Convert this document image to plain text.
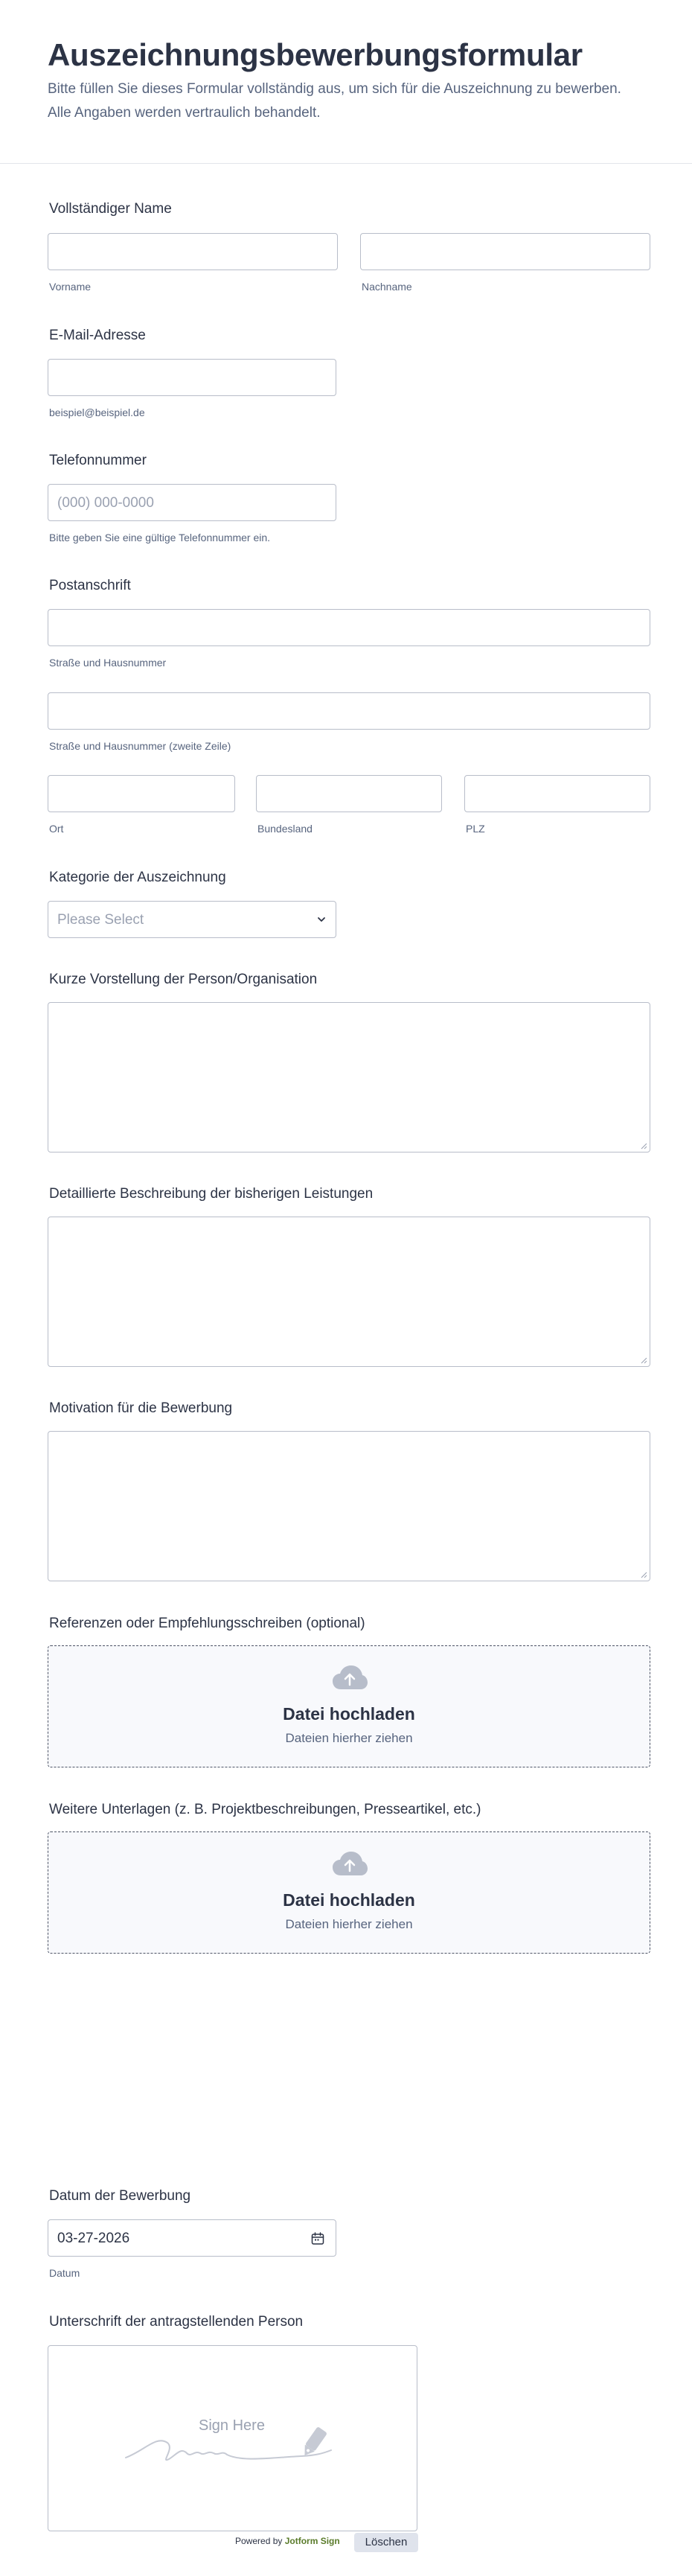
Auszeichnungsbewerbungsformular

Bitte füllen Sie dieses Formular vollständig aus, um sich für die Auszeichnung zu bewerben. Alle Angaben werden vertraulich behandelt.

Vollständiger Name
Vorname	Nachname
E-Mail-Adresse
beispiel@beispiel.de
Telefonnummer
(000) 000-0000
Bitte geben Sie eine gültige Telefonnummer ein.
Postanschrift
Straße und Hausnummer
Straße und Hausnummer (zweite Zeile)
Ort	Bundesland	PLZ
Kategorie der Auszeichnung
Please Select
Kurze Vorstellung der Person/Organisation
Detaillierte Beschreibung der bisherigen Leistungen
Motivation für die Bewerbung
Referenzen oder Empfehlungsschreiben (optional)
Datei hochladen
Dateien hierher ziehen
Weitere Unterlagen (z. B. Projektbeschreibungen, Presseartikel, etc.)
Datei hochladen
Dateien hierher ziehen
Datum der Bewerbung
03-27-2026
Datum
Unterschrift der antragstellenden Person
Sign Here
Powered by Jotform Sign	Löschen
